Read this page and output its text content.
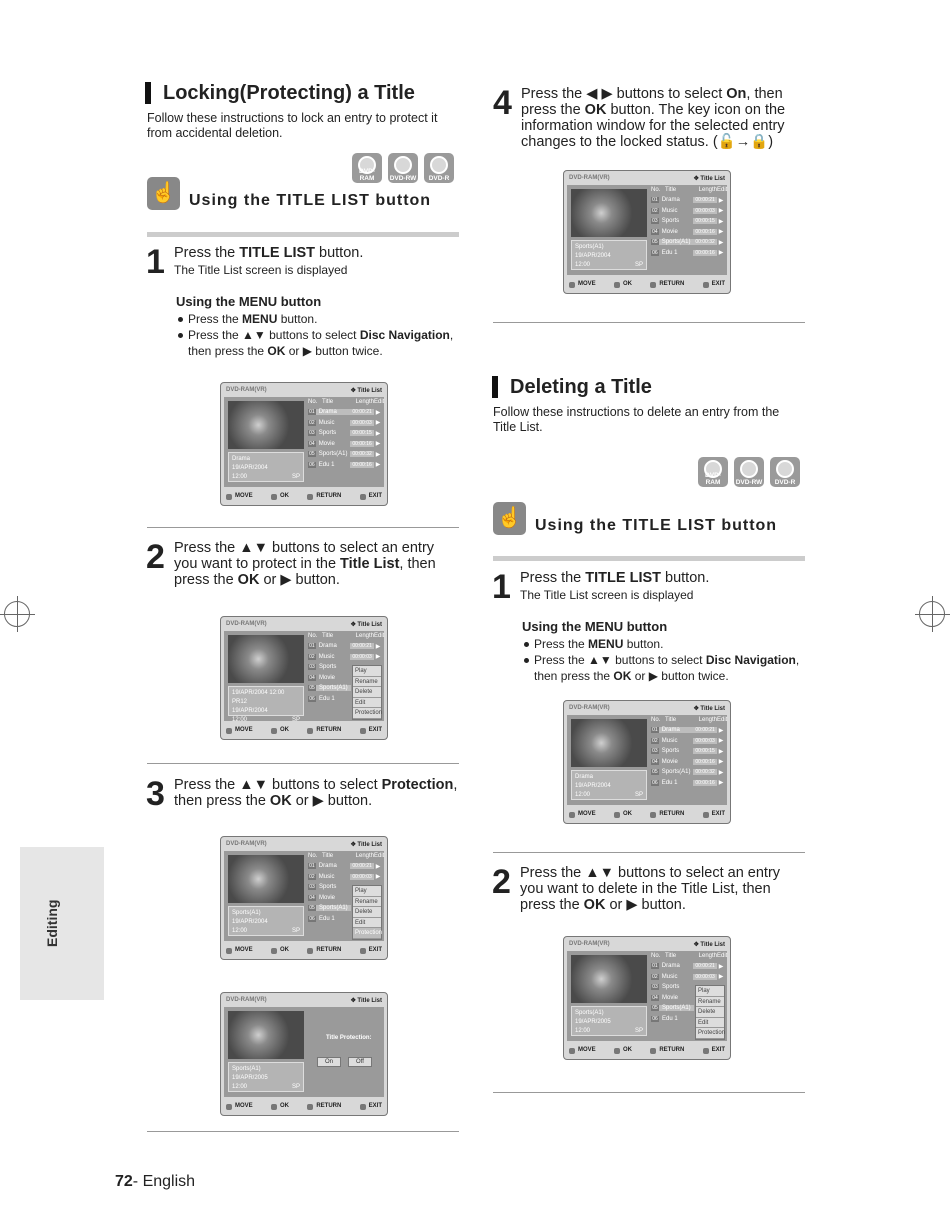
Locking(Protecting) a Title
Follow these instructions to lock an entry to protect it from accidental deletion.
DVD-RAM	DVD-RW	DVD-R
☝ Using the TITLE LIST button
1 Press the TITLE LIST button.
The Title List screen is displayed
Using the MENU button
Press the MENU button.
Press the ▲▼ buttons to select Disc Navigation,
then press the OK or ▶ button twice.
DVD-RAM(VR)	✥ Title List
Drama
19/APR/2004
12:00	SP
No. Title	Length Edit
01 Drama	00:00:21 ▶
02 Music	00:00:03 ▶
03 Sports	00:00:15 ▶
04 Movie	00:00:16 ▶
05 Sports(A1) 00:00:32 ▶
06 Edu 1	00:00:16 ▶
MOVE	OK	RETURN	EXIT
2 Press the ▲▼ buttons to select an entry
you want to protect in the Title List, then
press the OK or ▶ button.
DVD-RAM(VR)	✥ Title List
19/APR/2004 12:00 PR12
19/APR/2004
12:00	SP
No. Title	Length Edit
01 Drama	00:00:21 ▶
02 Music	00:00:03 ▶
03 Sports
04 Movie
05 Sports(A1)
06 Edu 1
Play
Rename
Delete
Edit
Protection
MOVE	OK	RETURN	EXIT
3 Press the ▲▼ buttons to select Protection,
then press the OK or ▶ button.
DVD-RAM(VR)	✥ Title List
Sports(A1)
19/APR/2004
12:00	SP
No. Title	Length Edit
01 Drama	00:00:21 ▶
02 Music	00:00:03 ▶
03 Sports
04 Movie
05 Sports(A1)
06 Edu 1
Play
Rename
Delete
Edit
Protection
MOVE	OK	RETURN	EXIT
DVD-RAM(VR)	✥ Title List
Sports(A1)
19/APR/2005
12:00	SP
Title Protection:
On	Off
MOVE	OK	RETURN	EXIT
4 Press the ◀ ▶ buttons to select On, then
press the OK button. The key icon on the
information window for the selected entry
changes to the locked status. (🔓→🔒)
DVD-RAM(VR)	✥ Title List
Sports(A1)
19/APR/2004
12:00	SP
No. Title	Length Edit
01 Drama	00:00:21 ▶
02 Music	00:00:03 ▶
03 Sports	00:00:15 ▶
04 Movie	00:00:16 ▶
05 Sports(A1) 00:00:32 ▶
06 Edu 1	00:00:16 ▶
MOVE	OK	RETURN	EXIT
Deleting a Title
Follow these instructions to delete an entry from the Title List.
DVD-RAM	DVD-RW	DVD-R
☝ Using the TITLE LIST button
1 Press the TITLE LIST button.
The Title List screen is displayed
Using the MENU button
Press the MENU button.
Press the ▲▼ buttons to select Disc Navigation,
then press the OK or ▶ button twice.
DVD-RAM(VR)	✥ Title List
Drama
19/APR/2004
12:00	SP
No. Title	Length Edit
01 Drama	00:00:21 ▶
02 Music	00:00:03 ▶
03 Sports	00:00:15 ▶
04 Movie	00:00:16 ▶
05 Sports(A1) 00:00:32 ▶
06 Edu 1	00:00:16 ▶
MOVE	OK	RETURN	EXIT
2 Press the ▲▼ buttons to select an entry
you want to delete in the Title List, then
press the OK or ▶ button.
DVD-RAM(VR)	✥ Title List
Sports(A1)
19/APR/2005
12:00	SP
No. Title	Length Edit
01 Drama	00:00:21 ▶
02 Music	00:00:03 ▶
03 Sports
04 Movie
05 Sports(A1)
06 Edu 1
Play
Rename
Delete
Edit
Protection
MOVE	OK	RETURN	EXIT
Editing
72- English
